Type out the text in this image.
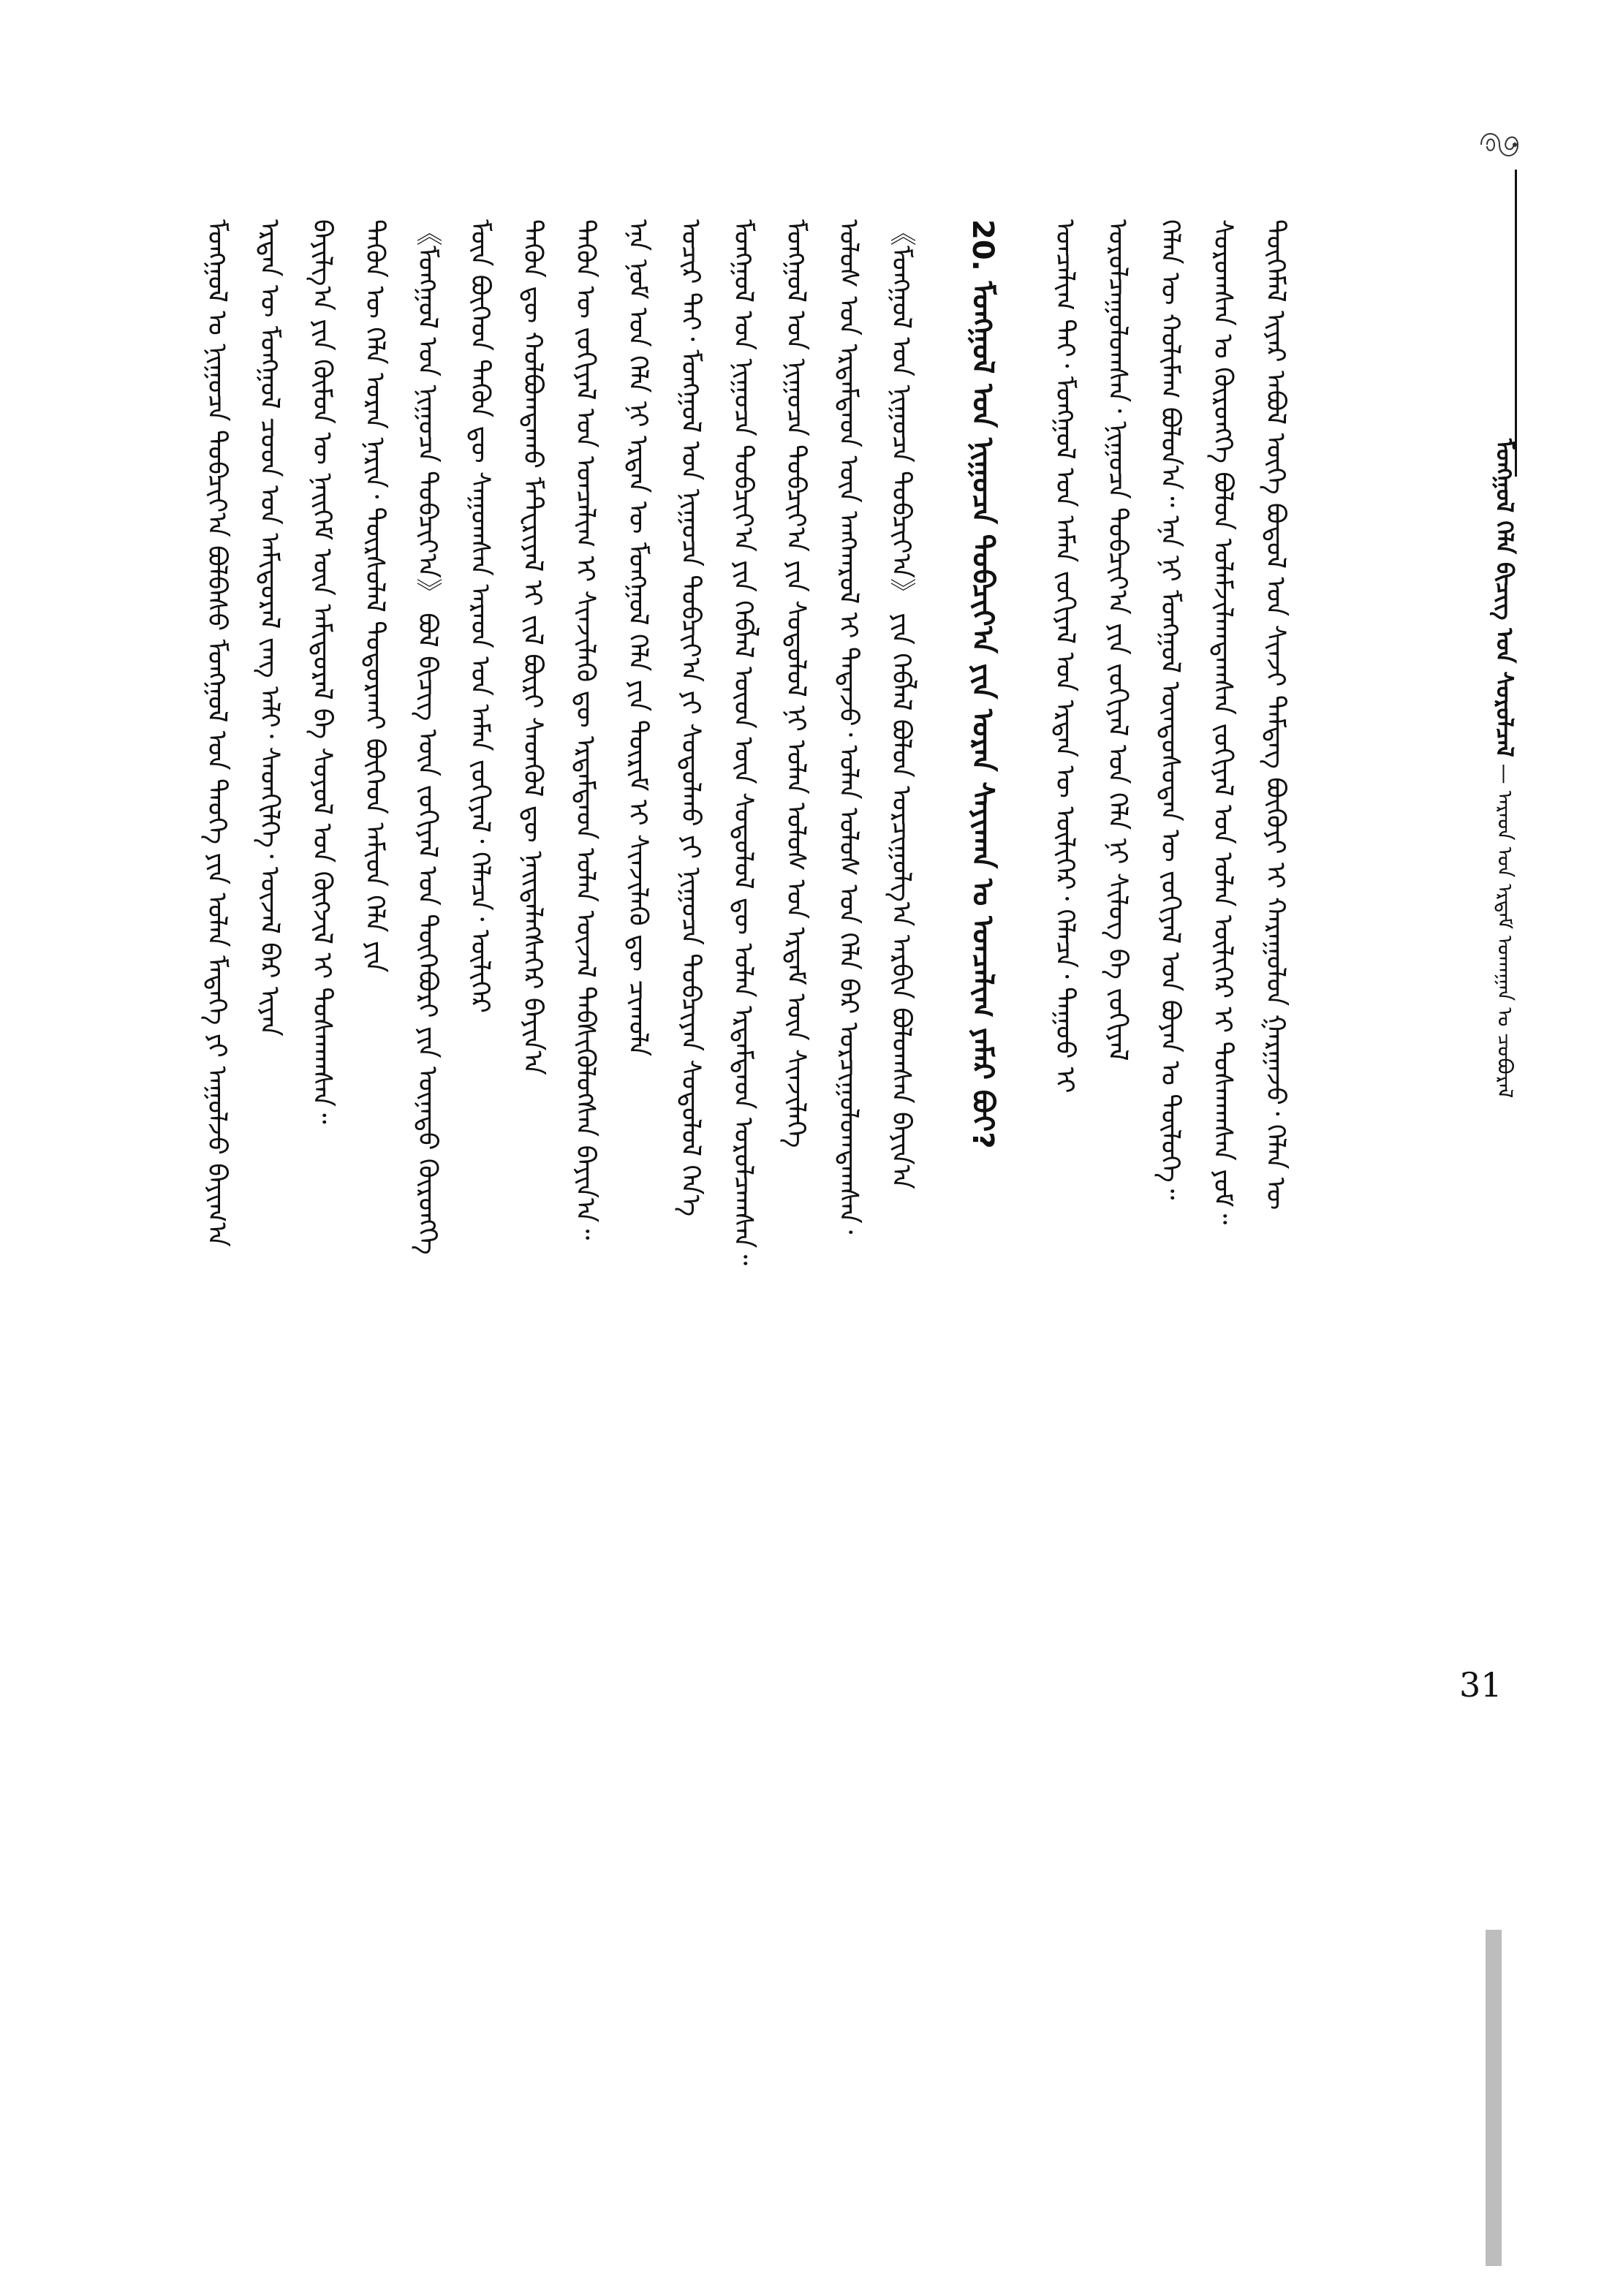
ᠮᠣᠩᠭᠣᠯ ᠬᠡᠯᠡ ᠪᠢᠴᠢᠭ ᠤᠨ ᠰᠤᠷᠤᠯᠴᠠᠯ — ᠠᠷᠠᠳ ᠤᠨ ᠡᠷᠳᠡᠮ ᠤᠬᠠᠭᠠᠨ ᠤ ᠴᠤᠪᠤᠷᠠᠯ
31
ᠮᠣᠩᠭᠣᠯ ᠤ ᠨᠢᠭᠤᠴᠠ ᠲᠣᠪᠴᠢᠶ᠎ᠠ ᠪᠣᠯᠪᠠᠰᠤ ᠮᠣᠩᠭᠣᠯ ᠤᠨ ᠲᠡᠦᠬᠡ ᠶᠢᠨ ᠣᠯᠠᠨ ᠮᠡᠳᠡᠭᠡ ᠶᠢ ᠠᠭᠤᠯᠵᠤ ᠪᠠᠶᠢᠭ᠎ᠠ ᠡᠷᠲᠡᠨ ᠦ ᠮᠣᠩᠭᠣᠯ ᠴᠤᠳ ᠤᠨ ᠠᠮᠢᠳᠤᠷᠠᠯ ᠵᠠᠩ ᠠᠯᠢ᠂ ᠰᠡᠳᠭᠢᠯᠭᠡ᠂ ᠦᠵᠡᠯ ᠪᠠᠷ ᠢᠶᠠᠨ ᠪᠠᠶᠢᠯᠭ᠎ᠠ ᠶᠢᠨ ᠬᠦᠮᠦᠨ ᠦ ᠨᠡᠢᠭᠡᠮ ᠦᠨ ᠠᠮᠢᠳᠤᠷᠠᠯ ᠪᠠ ᠰᠣᠶᠣᠯ ᠤᠨ ᠬᠥᠭᠵᠢᠯ ᠢ ᠲᠤᠰᠬᠠᠭᠰᠠᠨ᠃ ᠲᠡᠭᠦᠨ ᠦ ᠬᠡᠯᠡ ᠤᠷᠠᠨ ᠨᠠᠷᠢᠨ᠂ ᠳᠦᠷᠰᠦᠯᠡᠯ ᠲᠣᠳᠤᠷᠬᠠᠢ ᠪᠥᠭᠡᠳ ᠠᠮᠢᠳ ᠬᠡᠯᠡ ᠶᠢᠨ 《ᠮᠣᠩᠭᠣᠯ ᠤᠨ ᠨᠢᠭᠤᠴᠠ ᠲᠣᠪᠴᠢᠶ᠎ᠠ》 ᠪᠣᠯ ᠪᠢᠴᠢᠭ ᠦᠨ ᠵᠣᠬᠢᠶᠠᠯ ᠤᠨ ᠲᠦᠬᠡᠪᠦᠷᠢ ᠶᠢᠨ ᠦᠨᠡᠲᠦ ᠬᠥᠷᠥᠩᠭᠡ ᠮᠥᠨ ᠪᠥᠭᠡᠳ ᠲᠡᠭᠦᠨ ᠳᠦ ᠰᠠᠭᠤᠭᠰᠠᠨ ᠠᠷᠠᠳ ᠤᠨ ᠠᠮᠠᠨ ᠵᠣᠬᠢᠶᠠᠯ᠂ ᠬᠡᠯᠡᠴᠡ᠂ ᠦᠯᠢᠭᠡᠷ ᠲᠡᠭᠦᠨ ᠳᠦ ᠬᠣᠯᠪᠣᠭᠳᠠᠬᠤ ᠮᠠᠲᠧᠷᠢᠶᠠᠯ ᠢ ᠵᠢᠯ ᠪᠦᠷᠢ ᠰᠡᠳᠭᠦᠯ ᠳᠦ ᠨᠡᠢᠲᠡᠯᠡᠭᠰᠡᠭᠡᠷ ᠪᠠᠶᠢᠨ᠎ᠠ ᠲᠡᠭᠦᠨ ᠦ ᠵᠣᠬᠢᠶᠠᠯ ᠤᠨ ᠣᠨᠴᠠᠯᠢᠭ ᠢ ᠰᠢᠨᠵᠢᠯᠡᠬᠦ ᠳᠦ ᠡᠷᠳᠡᠮᠲᠡᠳ ᠣᠯᠠᠨ ᠦᠵᠡᠯ ᠳᠡᠪᠰᠢᠭᠦᠯᠦᠭᠰᠡᠨ ᠪᠠᠶᠢᠨ᠎ᠠ᠃ ᠡᠨᠡ ᠨᠣᠮ ᠤᠨ ᠬᠡᠯᠡ ᠨᠢ ᠡᠷᠲᠡᠨ ᠦ ᠮᠣᠩᠭᠣᠯ ᠬᠡᠯᠡ ᠶᠢᠨ ᠳᠦᠷᠢᠮ ᠢ ᠰᠢᠨᠵᠢᠯᠡᠬᠦ ᠳᠦ ᠴᠢᠬᠤᠯᠠ ᠤᠴᠢᠷ ᠲᠠᠢ᠂ ᠮᠣᠩᠭᠣᠯ ᠤᠨ ᠨᠢᠭᠤᠴᠠ ᠲᠣᠪᠴᠢᠶ᠎ᠠ ᠶᠢ ᠰᠤᠳᠤᠯᠬᠤ ᠶᠢ ᠨᠢᠭᠤᠴᠠ ᠲᠣᠪᠴᠢᠶᠠᠨ ᠰᠤᠳᠤᠯᠤᠯ ᠭᠡᠨ᠎ᠡ ᠮᠣᠩᠭᠣᠯ ᠤᠨ ᠨᠢᠭᠤᠴᠠ ᠲᠣᠪᠴᠢᠶ᠎ᠠ ᠶᠢᠨ ᠬᠡᠪᠯᠡᠯ ᠦᠳ ᠦᠨ ᠰᠤᠳᠤᠯᠤᠯ ᠳᠦ ᠣᠯᠠᠨ ᠡᠷᠳᠡᠮᠲᠡᠳ ᠣᠷᠣᠯᠴᠠᠭᠰᠠᠨ᠃ ᠮᠣᠩᠭᠣᠯ ᠤᠨ ᠨᠢᠭᠤᠴᠠ ᠲᠣᠪᠴᠢᠶ᠎ᠠ ᠶᠢᠨ ᠰᠤᠳᠤᠯᠤᠯ ᠨᠢ ᠣᠯᠠᠨ ᠤᠯᠤᠰ ᠤᠨ ᠡᠷᠳᠡᠮ ᠦᠨ ᠰᠢᠨᠵᠢᠯᠡᠭᠡ ᠤᠯᠤᠰ ᠤᠨ ᠡᠷᠳᠡᠮᠲᠡᠳ ᠦᠨ ᠠᠩᠬᠠᠷᠤᠯ ᠢ ᠲᠠᠲᠠᠵᠤ᠂ ᠣᠯᠠᠨ ᠤᠯᠤᠰ ᠤᠨ ᠬᠡᠯᠡ ᠪᠡᠷ ᠣᠷᠴᠢᠭᠤᠯᠤᠭᠳᠠᠭᠰᠠᠨ᠂ 《ᠮᠣᠩᠭᠣᠯ ᠤᠨ ᠨᠢᠭᠤᠴᠠ ᠲᠣᠪᠴᠢᠶ᠎ᠠ》 ᠶᠢᠨ ᠬᠡᠪᠯᠡᠯ ᠪᠣᠯᠣᠨ ᠣᠷᠴᠢᠭᠤᠯᠭ᠎ᠠ ᠠᠷᠪᠢᠨ ᠪᠣᠯᠤᠭᠰᠠᠨ ᠪᠠᠶᠢᠨ᠎ᠠ	20. ᠮᠣᠩᠭᠣᠯ ᠤᠨ ᠨᠢᠭᠤᠴᠠ ᠲᠣᠪᠴᠢᠶ᠎ᠠ ᠶᠢᠨ ᠤᠷᠠᠨ ᠰᠠᠶᠢᠬᠠᠨ ᠤ ᠣᠨᠴᠠᠯᠢᠭ ᠶᠠᠮᠠᠷ ᠪᠤᠢ?	ᠣᠨᠴᠠᠯᠢᠭ ᠲᠠᠢ᠂ ᠮᠣᠩᠭᠣᠯ ᠤᠨ ᠠᠮᠠᠨ ᠵᠣᠬᠢᠶᠠᠯ ᠤᠨ ᠡᠷᠲᠡᠨ ᠦ ᠦᠯᠢᠭᠡᠷ᠂ ᠬᠡᠯᠡᠴᠡ᠂ ᠳᠠᠭᠤᠤ ᠢ ᠣᠷᠣᠯᠴᠠᠭᠤᠯᠤᠭᠰᠠᠨ᠂ ᠨᠢᠭᠤᠴᠠ ᠲᠣᠪᠴᠢᠶ᠎ᠠ ᠶᠢᠨ ᠵᠣᠬᠢᠶᠠᠯ ᠤᠨ ᠬᠡᠯᠡ ᠨᠢ ᠰᠢᠯᠦᠭ ᠪᠠ ᠵᠣᠬᠢᠶᠠᠯ ᠬᠡᠯᠡᠨ ᠦ ᠬᠣᠯᠢᠮᠠᠭ ᠪᠣᠯᠤᠨ᠎ᠠ᠃ ᠡᠨᠡ ᠨᠢ ᠮᠣᠩᠭᠣᠯ ᠦᠨᠳᠦᠰᠦᠲᠡᠨ ᠦ ᠵᠣᠬᠢᠶᠠᠯ ᠤᠨ ᠪᠣᠶᠠᠨ ᠤ ᠲᠥᠯᠦᠭᠡ᠃ ᠰᠤᠷᠤᠭᠰᠠᠨ ᠤ ᠬᠥᠷᠥᠩᠭᠡ ᠪᠣᠯᠤᠨ ᠤᠯᠠᠮᠵᠢᠯᠠᠭᠳᠠᠭᠰᠠᠨ ᠵᠣᠬᠢᠶᠠᠯ ᠤᠨ ᠣᠯᠠᠨ ᠦᠯᠢᠭᠡᠷ ᠢ ᠲᠤᠰᠬᠠᠭᠰᠠᠨ ᠶᠤᠮ᠃ ᠲᠦᠭᠡᠮᠡᠯ ᠢᠶᠡᠷ ᠠᠪᠤᠯ ᠦᠭᠡ ᠪᠣᠳᠣᠯ ᠤᠨ ᠰᠢᠨᠵᠢ ᠲᠡᠮᠳᠡᠭ ᠪᠦᠬᠦᠶᠢ ᠢ ᠬᠠᠷᠠᠭᠤᠯᠤᠨ ᠭᠠᠷᠭᠠᠵᠤ᠂ ᠬᠡᠯᠡᠨ ᠦ
